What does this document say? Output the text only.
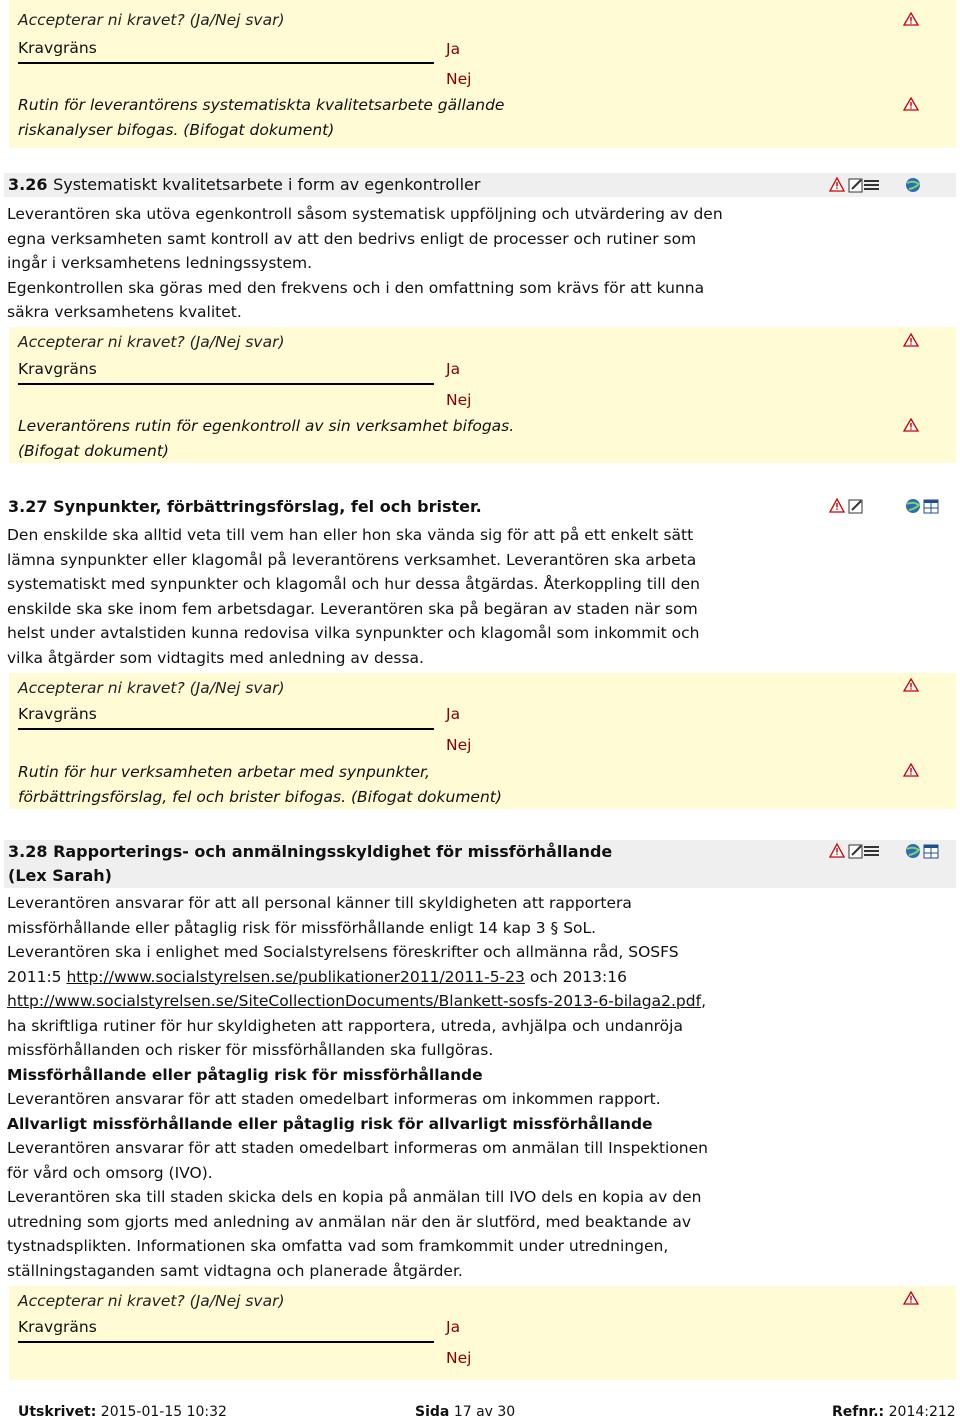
Accepterar ni kravet? (Ja/Nej svar)
Kravgräns	Ja
Nej
Rutin för leverantörens systematiskta kvalitetsarbete gällande
riskanalyser bifogas. (Bifogat dokument)
3.26 Systematiskt kvalitetsarbete i form av egenkontroller
Leverantören ska utöva egenkontroll såsom systematisk uppföljning och utvärdering av den
egna verksamheten samt kontroll av att den bedrivs enligt de processer och rutiner som
ingår i verksamhetens ledningssystem.
Egenkontrollen ska göras med den frekvens och i den omfattning som krävs för att kunna
säkra verksamhetens kvalitet.
Accepterar ni kravet? (Ja/Nej svar)
Kravgräns	Ja
Nej
Leverantörens rutin för egenkontroll av sin verksamhet bifogas.
(Bifogat dokument)
3.27 Synpunkter, förbättringsförslag, fel och brister.
Den enskilde ska alltid veta till vem han eller hon ska vända sig för att på ett enkelt sätt
lämna synpunkter eller klagomål på leverantörens verksamhet. Leverantören ska arbeta
systematiskt med synpunkter och klagomål och hur dessa åtgärdas. Återkoppling till den
enskilde ska ske inom fem arbetsdagar. Leverantören ska på begäran av staden när som
helst under avtalstiden kunna redovisa vilka synpunkter och klagomål som inkommit och
vilka åtgärder som vidtagits med anledning av dessa.
Accepterar ni kravet? (Ja/Nej svar)
Kravgräns	Ja
Nej
Rutin för hur verksamheten arbetar med synpunkter,
förbättringsförslag, fel och brister bifogas. (Bifogat dokument)
3.28 Rapporterings- och anmälningsskyldighet för missförhållande
(Lex Sarah)
Leverantören ansvarar för att all personal känner till skyldigheten att rapportera
missförhållande eller påtaglig risk för missförhållande enligt 14 kap 3 § SoL.
Leverantören ska i enlighet med Socialstyrelsens föreskrifter och allmänna råd, SOSFS
2011:5 http://www.socialstyrelsen.se/publikationer2011/2011-5-23 och 2013:16
http://www.socialstyrelsen.se/SiteCollectionDocuments/Blankett-sosfs-2013-6-bilaga2.pdf,
ha skriftliga rutiner för hur skyldigheten att rapportera, utreda, avhjälpa och undanröja
missförhållanden och risker för missförhållanden ska fullgöras.
Missförhållande eller påtaglig risk för missförhållande
Leverantören ansvarar för att staden omedelbart informeras om inkommen rapport.
Allvarligt missförhållande eller påtaglig risk för allvarligt missförhållande
Leverantören ansvarar för att staden omedelbart informeras om anmälan till Inspektionen
för vård och omsorg (IVO).
Leverantören ska till staden skicka dels en kopia på anmälan till IVO dels en kopia av den
utredning som gjorts med anledning av anmälan när den är slutförd, med beaktande av
tystnadsplikten. Informationen ska omfatta vad som framkommit under utredningen,
ställningstaganden samt vidtagna och planerade åtgärder.
Accepterar ni kravet? (Ja/Nej svar)
Kravgräns	Ja
Nej
Utskrivet: 2015-01-15 10:32	Sida 17 av 30	Refnr.: 2014:212
